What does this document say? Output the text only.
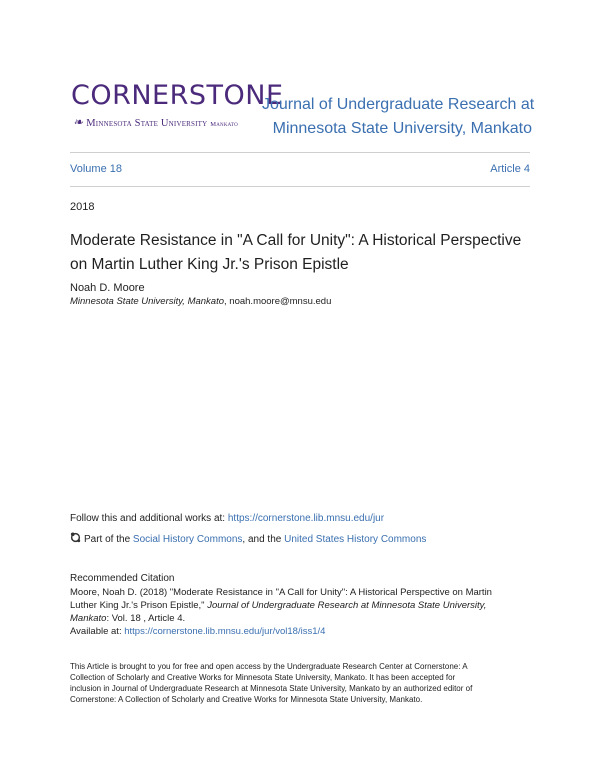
CORNERSTONE
❧ Minnesota State University Mankato
Journal of Undergraduate Research at
Minnesota State University, Mankato
Volume 18	Article 4
2018
Moderate Resistance in "A Call for Unity": A Historical Perspective
on Martin Luther King Jr.'s Prison Epistle
Noah D. Moore
Minnesota State University, Mankato, noah.moore@mnsu.edu
Follow this and additional works at: https://cornerstone.lib.mnsu.edu/jur
Part of the Social History Commons, and the United States History Commons
Recommended Citation
Moore, Noah D. (2018) "Moderate Resistance in "A Call for Unity": A Historical Perspective on Martin
Luther King Jr.'s Prison Epistle," Journal of Undergraduate Research at Minnesota State University,
Mankato: Vol. 18 , Article 4.
Available at: https://cornerstone.lib.mnsu.edu/jur/vol18/iss1/4
This Article is brought to you for free and open access by the Undergraduate Research Center at Cornerstone: A
Collection of Scholarly and Creative Works for Minnesota State University, Mankato. It has been accepted for
inclusion in Journal of Undergraduate Research at Minnesota State University, Mankato by an authorized editor of
Cornerstone: A Collection of Scholarly and Creative Works for Minnesota State University, Mankato.
